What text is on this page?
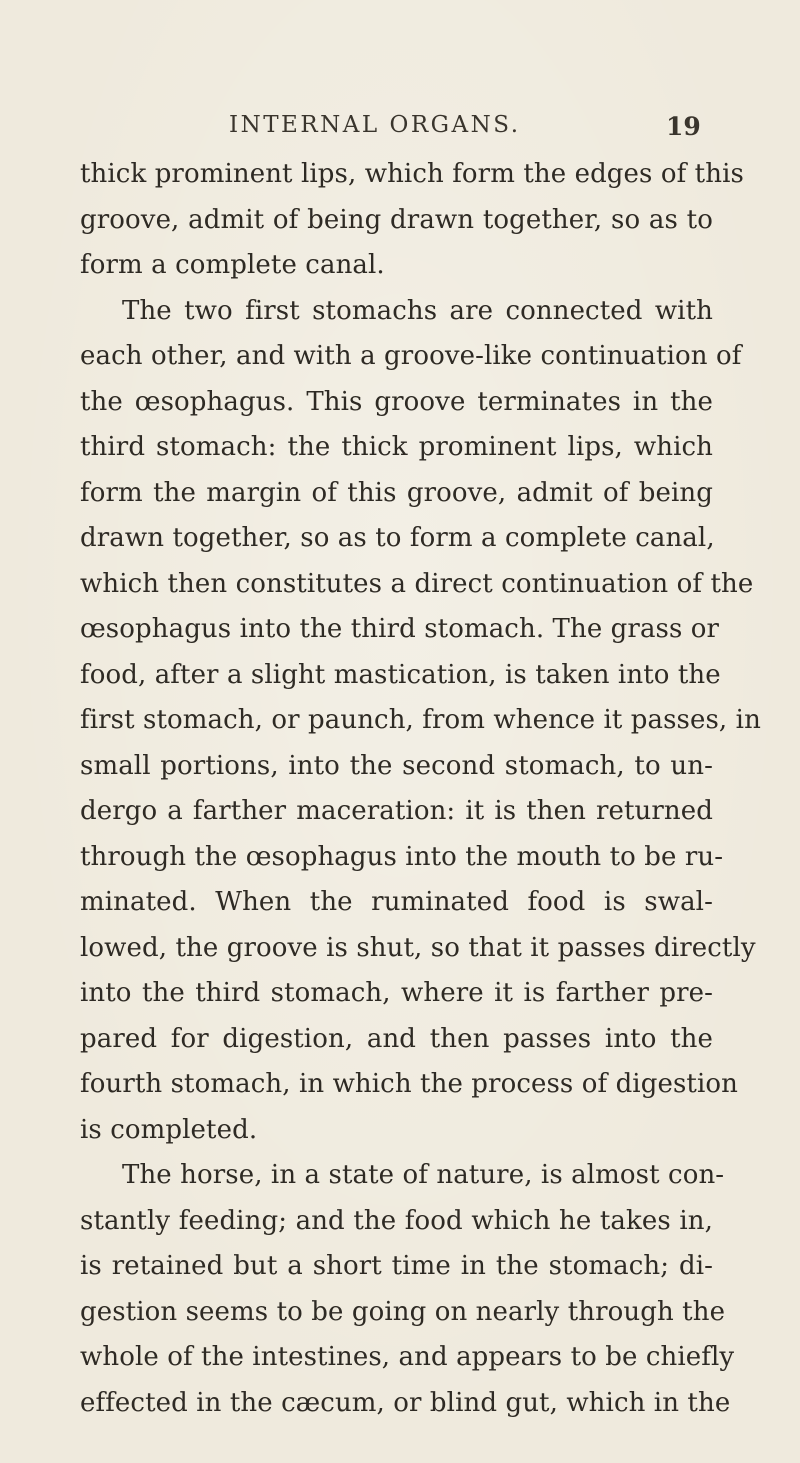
INTERNAL ORGANS.	19
thick prominent lips, which form the edges of this
groove, admit of being drawn together, so as to
form a complete canal.
The two first stomachs are connected with
each other, and with a groove-like continuation of
the œsophagus. This groove terminates in the
third stomach: the thick prominent lips, which
form the margin of this groove, admit of being
drawn together, so as to form a complete canal,
which then constitutes a direct continuation of the
œsophagus into the third stomach. The grass or
food, after a slight mastication, is taken into the
first stomach, or paunch, from whence it passes, in
small portions, into the second stomach, to un-
dergo a farther maceration: it is then returned
through the œsophagus into the mouth to be ru-
minated. When the ruminated food is swal-
lowed, the groove is shut, so that it passes directly
into the third stomach, where it is farther pre-
pared for digestion, and then passes into the
fourth stomach, in which the process of digestion
is completed.
The horse, in a state of nature, is almost con-
stantly feeding; and the food which he takes in,
is retained but a short time in the stomach; di-
gestion seems to be going on nearly through the
whole of the intestines, and appears to be chiefly
effected in the cæcum, or blind gut, which in the
